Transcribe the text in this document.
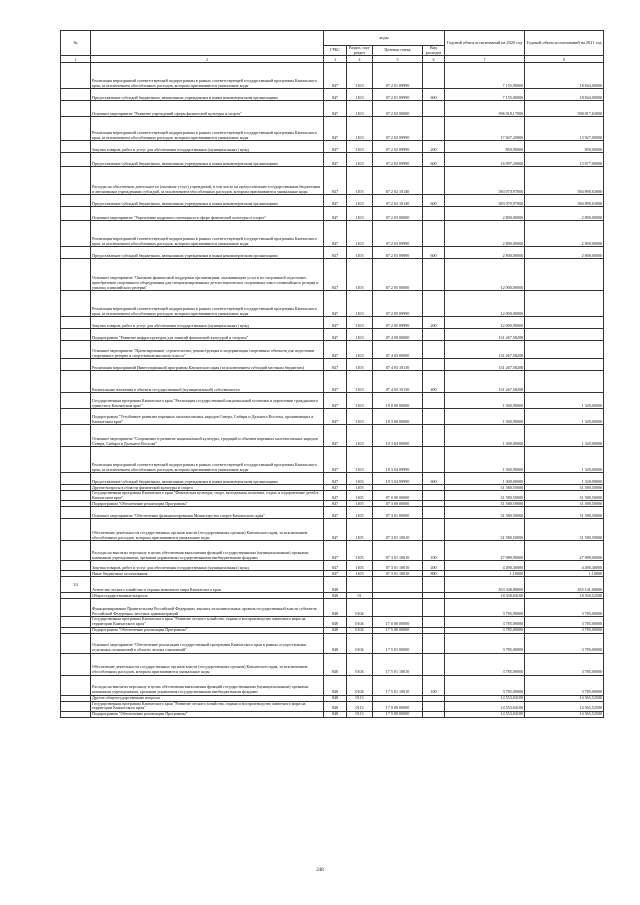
№		коды				Годовой объем ассигнований на 2020 год	Годовой объем ассигнований на 2021 год
		ГРБС	Раздел, под-раздел	Целевая статья	Вид расходов		
1	2	3	4	5	6	7	8
	Реализация мероприятий соответствующей подпрограммы в рамках соответствующей государственной программы Камчатского края, за исключением обособленных расходов, которым присваиваются уникальные коды	847	1103	07 2 01 09990		7 155,00000	18 844,00000
	Предоставление субсидий бюджетным, автономным учреждениям и иным некоммерческим организациям	847	1103	07 2 01 09990	600	7 155,00000	18 844,00000
	Основное мероприятие "Развитие учреждений сферы физической культуры и спорта"	847	1103	07 2 02 00000		596 918,17000	598 817,63000
	Реализация мероприятий соответствующей подпрограммы в рамках соответствующей государственной программы Камчатского края, за исключением обособленных расходов, которым присваиваются уникальные коды	847	1103	07 2 02 09990		17 847,20000	13 927,00000
	Закупка товаров, работ и услуг для обеспечения государственных (муниципальных) нужд	847	1103	07 2 02 09990	200	850,00000	850,00000
	Предоставление субсидий бюджетным, автономным учреждениям и иным некоммерческим организациям	847	1103	07 2 02 09990	600	16 997,20000	13 077,00000
	Расходы на обеспечение деятельности (оказание услуг) учреждений, в том числе на предоставление государственным бюджетным и автономным учреждениям субсидий, за исключением обособленных расходов, которым присваиваются уникальные коды	847	1103	07 2 02 10140		583 070,97000	584 890,63000
	Предоставление субсидий бюджетным, автономным учреждениям и иным некоммерческим организациям	847	1103	07 2 02 10140	600	583 070,97000	584 890,63000
	Основное мероприятие "Укрепление кадрового потенциала в сфере физической культуры и спорта"	847	1103	07 2 03 00000		2 800,00000	2 800,00000
	Реализация мероприятий соответствующей подпрограммы в рамках соответствующей государственной программы Камчатского края, за исключением обособленных расходов, которым присваиваются уникальные коды	847	1103	07 2 03 09990		2 800,00000	2 800,00000
	Предоставление субсидий бюджетным, автономным учреждениям и иным некоммерческим организациям	847	1103	07 2 03 09990	600	2 800,00000	2 800,00000
	Основное мероприятие "Оказание финансовой поддержки организациям, оказывающим услуги по спортивной подготовке, приобретение спортивного оборудования для специализированных детско-юношеских спортивных школ олимпийского резерва и училищ олимпийского резерва"	847	1103	07 2 05 00000		12 000,00000	
	Реализация мероприятий соответствующей подпрограммы в рамках соответствующей государственной программы Камчатского края, за исключением обособленных расходов, которым присваиваются уникальные коды	847	1103	07 2 05 09990		12 000,00000	
	Закупка товаров, работ и услуг для обеспечения государственных (муниципальных) нужд	847	1103	07 2 05 09990	200	12 000,00000	
	Подпрограмма "Развитие инфраструктуры для занятий физической культурой и спортом"	847	1103	07 4 00 00000		131 267,58208	
	Основное мероприятие "Проектирование, строительство, реконструкция и модернизация спортивных объектов для подготовки спортивного резерва и спортсменов высокого класса"	847	1103	07 4 03 00000		131 267,58208	
	Реализация мероприятий Инвестиционной программы Камчатского края (за исключением субсидий местным бюджетам)	847	1103	07 4 03 10130		131 267,58208	
	Капитальные вложения в объекты государственной (муниципальной) собственности	847	1103	07 4 03 10130	400	131 267,58208	
	Государственная программа Камчатского края "Реализация государственной национальной политики и укрепление гражданского единства в Камчатском крае"	847	1103	19 0 00 00000		1 300,00000	1 320,00000
	Подпрограмма "Устойчивое развитие коренных малочисленных народов Севера, Сибири и Дальнего Востока, проживающих в Камчатском крае"	847	1103	19 3 00 00000		1 300,00000	1 320,00000
	Основное мероприятие "Сохранение и развитие национальной культуры, традиций и обычаев коренных малочисленных народов Севера, Сибири и Дальнего Востока"	847	1103	19 3 04 00000		1 300,00000	1 320,00000
	Реализация мероприятий соответствующей подпрограммы в рамках соответствующей государственной программы Камчатского края, за исключением обособленных расходов, которым присваиваются уникальные коды	847	1103	19 3 04 09990		1 300,00000	1 320,00000
	Предоставление субсидий бюджетным, автономным учреждениям и иным некоммерческим организациям	847	1103	19 3 04 09990	600	1 300,00000	1 320,00000
	Другие вопросы в области физической культуры и спорта	847	1105			31 580,50000	31 580,50000
	Государственная программа Камчатского края "Физическая культура, спорт, молодежная политика, отдых и оздоровление детей в Камчатском крае"	847	1105	07 0 00 00000		31 580,50000	31 580,50000
	Подпрограмма "Обеспечение реализации Программы"	847	1105	07 3 00 00000		31 580,50000	31 580,50000
	Основное мероприятие "Обеспечение функционирования Министерства спорта Камчатского края"	847	1105	07 3 01 00000		31 580,50000	31 580,50000
	Обеспечение деятельности государственных органов власти (государственных органов) Камчатского края, за исключением обособленных расходов, которым присваиваются уникальные коды	847	1105	07 3 01 10010		31 580,50000	31 580,50000
	Расходы на выплаты персоналу в целях обеспечения выполнения функций государственными (муниципальными) органами, казенными учреждениями, органами управления государственными внебюджетными фондами	847	1105	07 3 01 10010	100	27 089,00000	27 089,00000
	Закупка товаров, работ и услуг для обеспечения государственных (муниципальных) нужд	847	1105	07 3 01 10010	200	4 490,40000	4 490,40000
	Иные бюджетные ассигнования	847	1105	07 3 01 10010	800	1,10000	1,10000
33	Агентство лесного хозяйства и охраны животного мира Камчатского края	848				453 348,88000	455 141,68000
	Общегосударственные вопросы	848	01			18 338,04100	18 350,52500
	Функционирование Правительства Российской Федерации, высших исполнительных органов государственной власти субъектов Российской Федерации, местных администраций	848	0104			3 785,00000	3 785,00000
	Государственная программа Камчатского края "Развитие лесного хозяйства, охрана и воспроизводство животного мира на территории Камчатского края"	848	0104	17 0 00 00000		3 785,00000	3 785,00000
	Подпрограмма "Обеспечение реализации Программы"	848	0104	17 5 00 00000		3 785,00000	3 785,00000
	Основное мероприятие "Обеспечение реализации государственной программы Камчатского края в рамках осуществления отдельных полномочий в области лесных отношений"	848	0104	17 5 01 00000		3 785,00000	3 785,00000
	Обеспечение деятельности государственных органов власти (государственных органов) Камчатского края, за исключением обособленных расходов, которым присваиваются уникальные коды	848	0104	17 5 01 10010		3 785,00000	3 785,00000
	Расходы на выплаты персоналу в целях обеспечения выполнения функций государственными (муниципальными) органами, казенными учреждениями, органами управления государственными внебюджетными фондами	848	0104	17 5 01 10010	100	3 785,00000	3 785,00000
	Другие общегосударственные вопросы	848	0113			14 553,04100	14 565,52500
	Государственная программа Камчатского края "Развитие лесного хозяйства, охрана и воспроизводство животного мира на территории Камчатского края"	848	0113	17 0 00 00000		14 553,04100	14 565,52500
	Подпрограмма "Обеспечение реализации Программы"	848	0113	17 5 00 00000		14 553,04100	14 565,52500
248
